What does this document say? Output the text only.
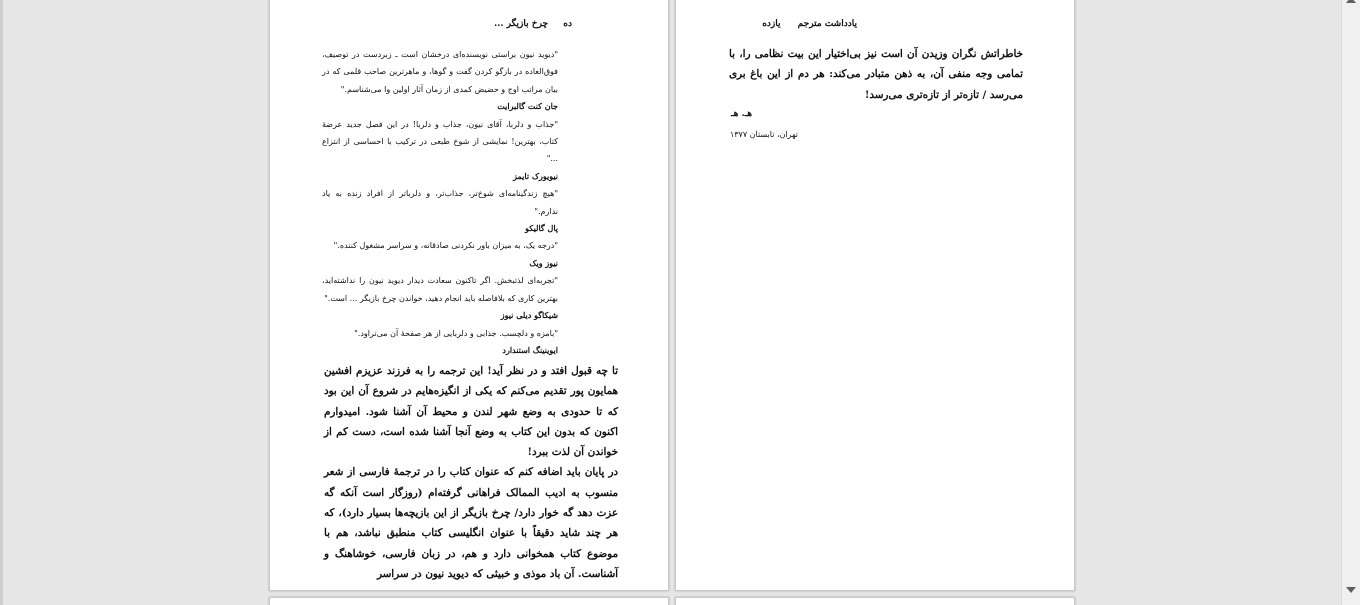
ده چرخ بازیگر ...

"دیوید نیون براستی نویسنده‌ای درخشان است ـ زبردست در توصیف، فوق‌العاده در بازگو کردن گفت و گوها، و ماهرترین صاحب قلمی که در بیان مراتب اوج و حضیض کمدی از زمان آثار اولین وا می‌شناسم."

جان کنت گالبرایت

"جذاب و دلربا، آقای نیون، جذاب و دلربا! در این فصل جدید عرضهٔ کتاب، بهترین! نمایشی از شوخ طبعی در ترکیب با احساسی از انتزاع ..."

نیویورک تایمز

"هیچ زندگینامه‌ای شوخ‌تر، جذاب‌تر، و دلرباتر از افراد زنده به یاد ندارم."

پال گالیکو

"درجه یک، به میزان باور نکردنی صادقانه، و سراسر مشغول کننده."

نیوز ویک

"تجربه‌ای لذتبخش. اگر تاکنون سعادت دیدار دیوید نیون را نداشته‌اید، بهترین کاری که بلافاصله باید انجام دهید، خواندن چرخ بازیگر ... است."

شیکاگو دیلی نیوز

"بامزه و دلچسب. جذابی و دلربایی از هر صفحهٔ آن می‌تراود."

ایوینینگ استندارد

تا چه قبول افتد و در نظر آید! این ترجمه را به فرزند عزیزم افشین همایون پور تقدیم می‌کنم که یکی از انگیزه‌هایم در شروع آن این بود که تا حدودی به وضع شهر لندن و محیط آن آشنا شود. امیدوارم اکنون که بدون این کتاب به وضع آنجا آشنا شده است، دست کم از خواندن آن لذت ببرد!

در پایان باید اضافه کنم که عنوان کتاب را در ترجمهٔ فارسی از شعر منسوب به ادیب الممالک فراهانی گرفته‌ام (روزگار است آنکه گه عزت دهد گه خوار دارد/ چرخ بازیگر از این بازیچه‌ها بسیار دارد)، که هر چند شاید دقیقاً با عنوان انگلیسی کتاب منطبق نباشد، هم با موضوع کتاب همخوانی دارد و هم، در زبان فارسی، خوشاهنگ و آشناست. آن باد موذی و خبیثی که دیوید نیون در سراسر

یادداشت مترجم یازده

خاطراتش نگران وزیدن آن است نیز بی‌اختیار این بیت نظامی را، با تمامی وجه منفی آن، به ذهن متبادر می‌کند: هر دم از این باغ بری می‌رسد / تازه‌تر از تازه‌تری می‌رسد!

هـ. هـ
تهران، تابستان ۱۳۷۷
